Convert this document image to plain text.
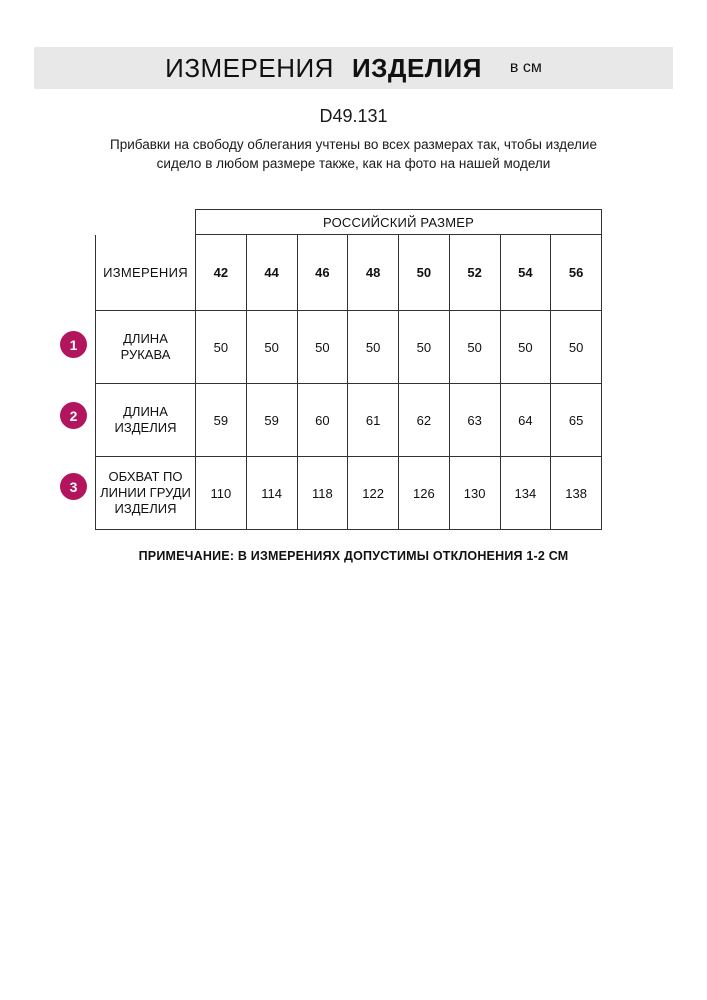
ИЗМЕРЕНИЯ ИЗДЕЛИЯ в см
D49.131
Прибавки на свободу облегания учтены во всех размерах так, чтобы изделие сидело в любом размере также, как на фото на нашей модели
1
2
3
	РОССИЙСКИЙ РАЗМЕР							
ИЗМЕРЕНИЯ	42	44	46	48	50	52	54	56
ДЛИНА РУКАВА	50	50	50	50	50	50	50	50
ДЛИНА ИЗДЕЛИЯ	59	59	60	61	62	63	64	65
ОБХВАТ ПО ЛИНИИ ГРУДИ ИЗДЕЛИЯ	110	114	118	122	126	130	134	138
ПРИМЕЧАНИЕ: В ИЗМЕРЕНИЯХ ДОПУСТИМЫ ОТКЛОНЕНИЯ 1-2 СМ
